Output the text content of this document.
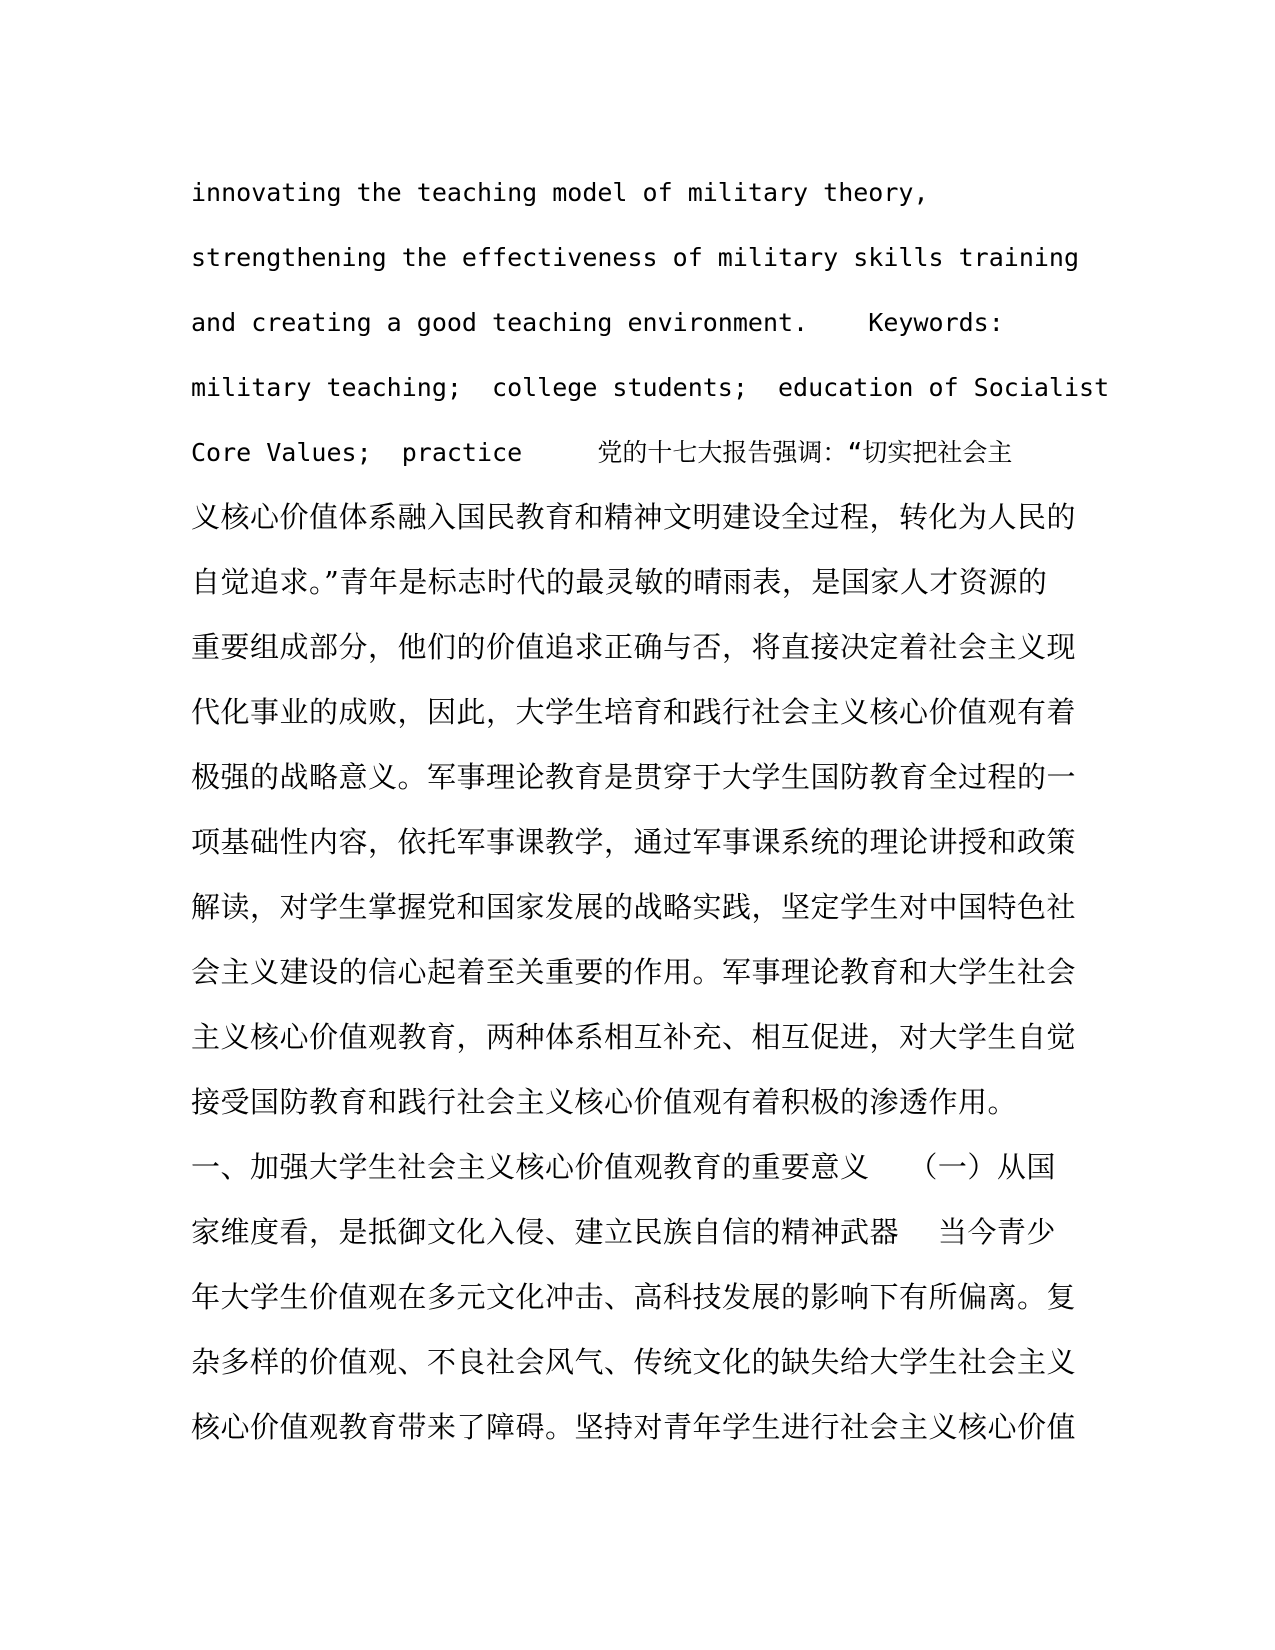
innovating the teaching model of military theory,
strengthening the effectiveness of military skills training
and creating a good teaching environment.    Keywords:
military teaching;  college students;  education of Socialist
Core Values;  practice     党的十七大报告强调：“切实把社会主
义核心价值体系融入国民教育和精神文明建设全过程，转化为人民的
自觉追求。”青年是标志时代的最灵敏的晴雨表，是国家人才资源的
重要组成部分，他们的价值追求正确与否，将直接决定着社会主义现
代化事业的成败，因此，大学生培育和践行社会主义核心价值观有着
极强的战略意义。军事理论教育是贯穿于大学生国防教育全过程的一
项基础性内容，依托军事课教学，通过军事课系统的理论讲授和政策
解读，对学生掌握党和国家发展的战略实践，坚定学生对中国特色社
会主义建设的信心起着至关重要的作用。军事理论教育和大学生社会
主义核心价值观教育，两种体系相互补充、相互促进，对大学生自觉
接受国防教育和践行社会主义核心价值观有着积极的渗透作用。
一、加强大学生社会主义核心价值观教育的重要意义    （一）从国
家维度看，是抵御文化入侵、建立民族自信的精神武器    当今青少
年大学生价值观在多元文化冲击、高科技发展的影响下有所偏离。复
杂多样的价值观、不良社会风气、传统文化的缺失给大学生社会主义
核心价值观教育带来了障碍。坚持对青年学生进行社会主义核心价值
